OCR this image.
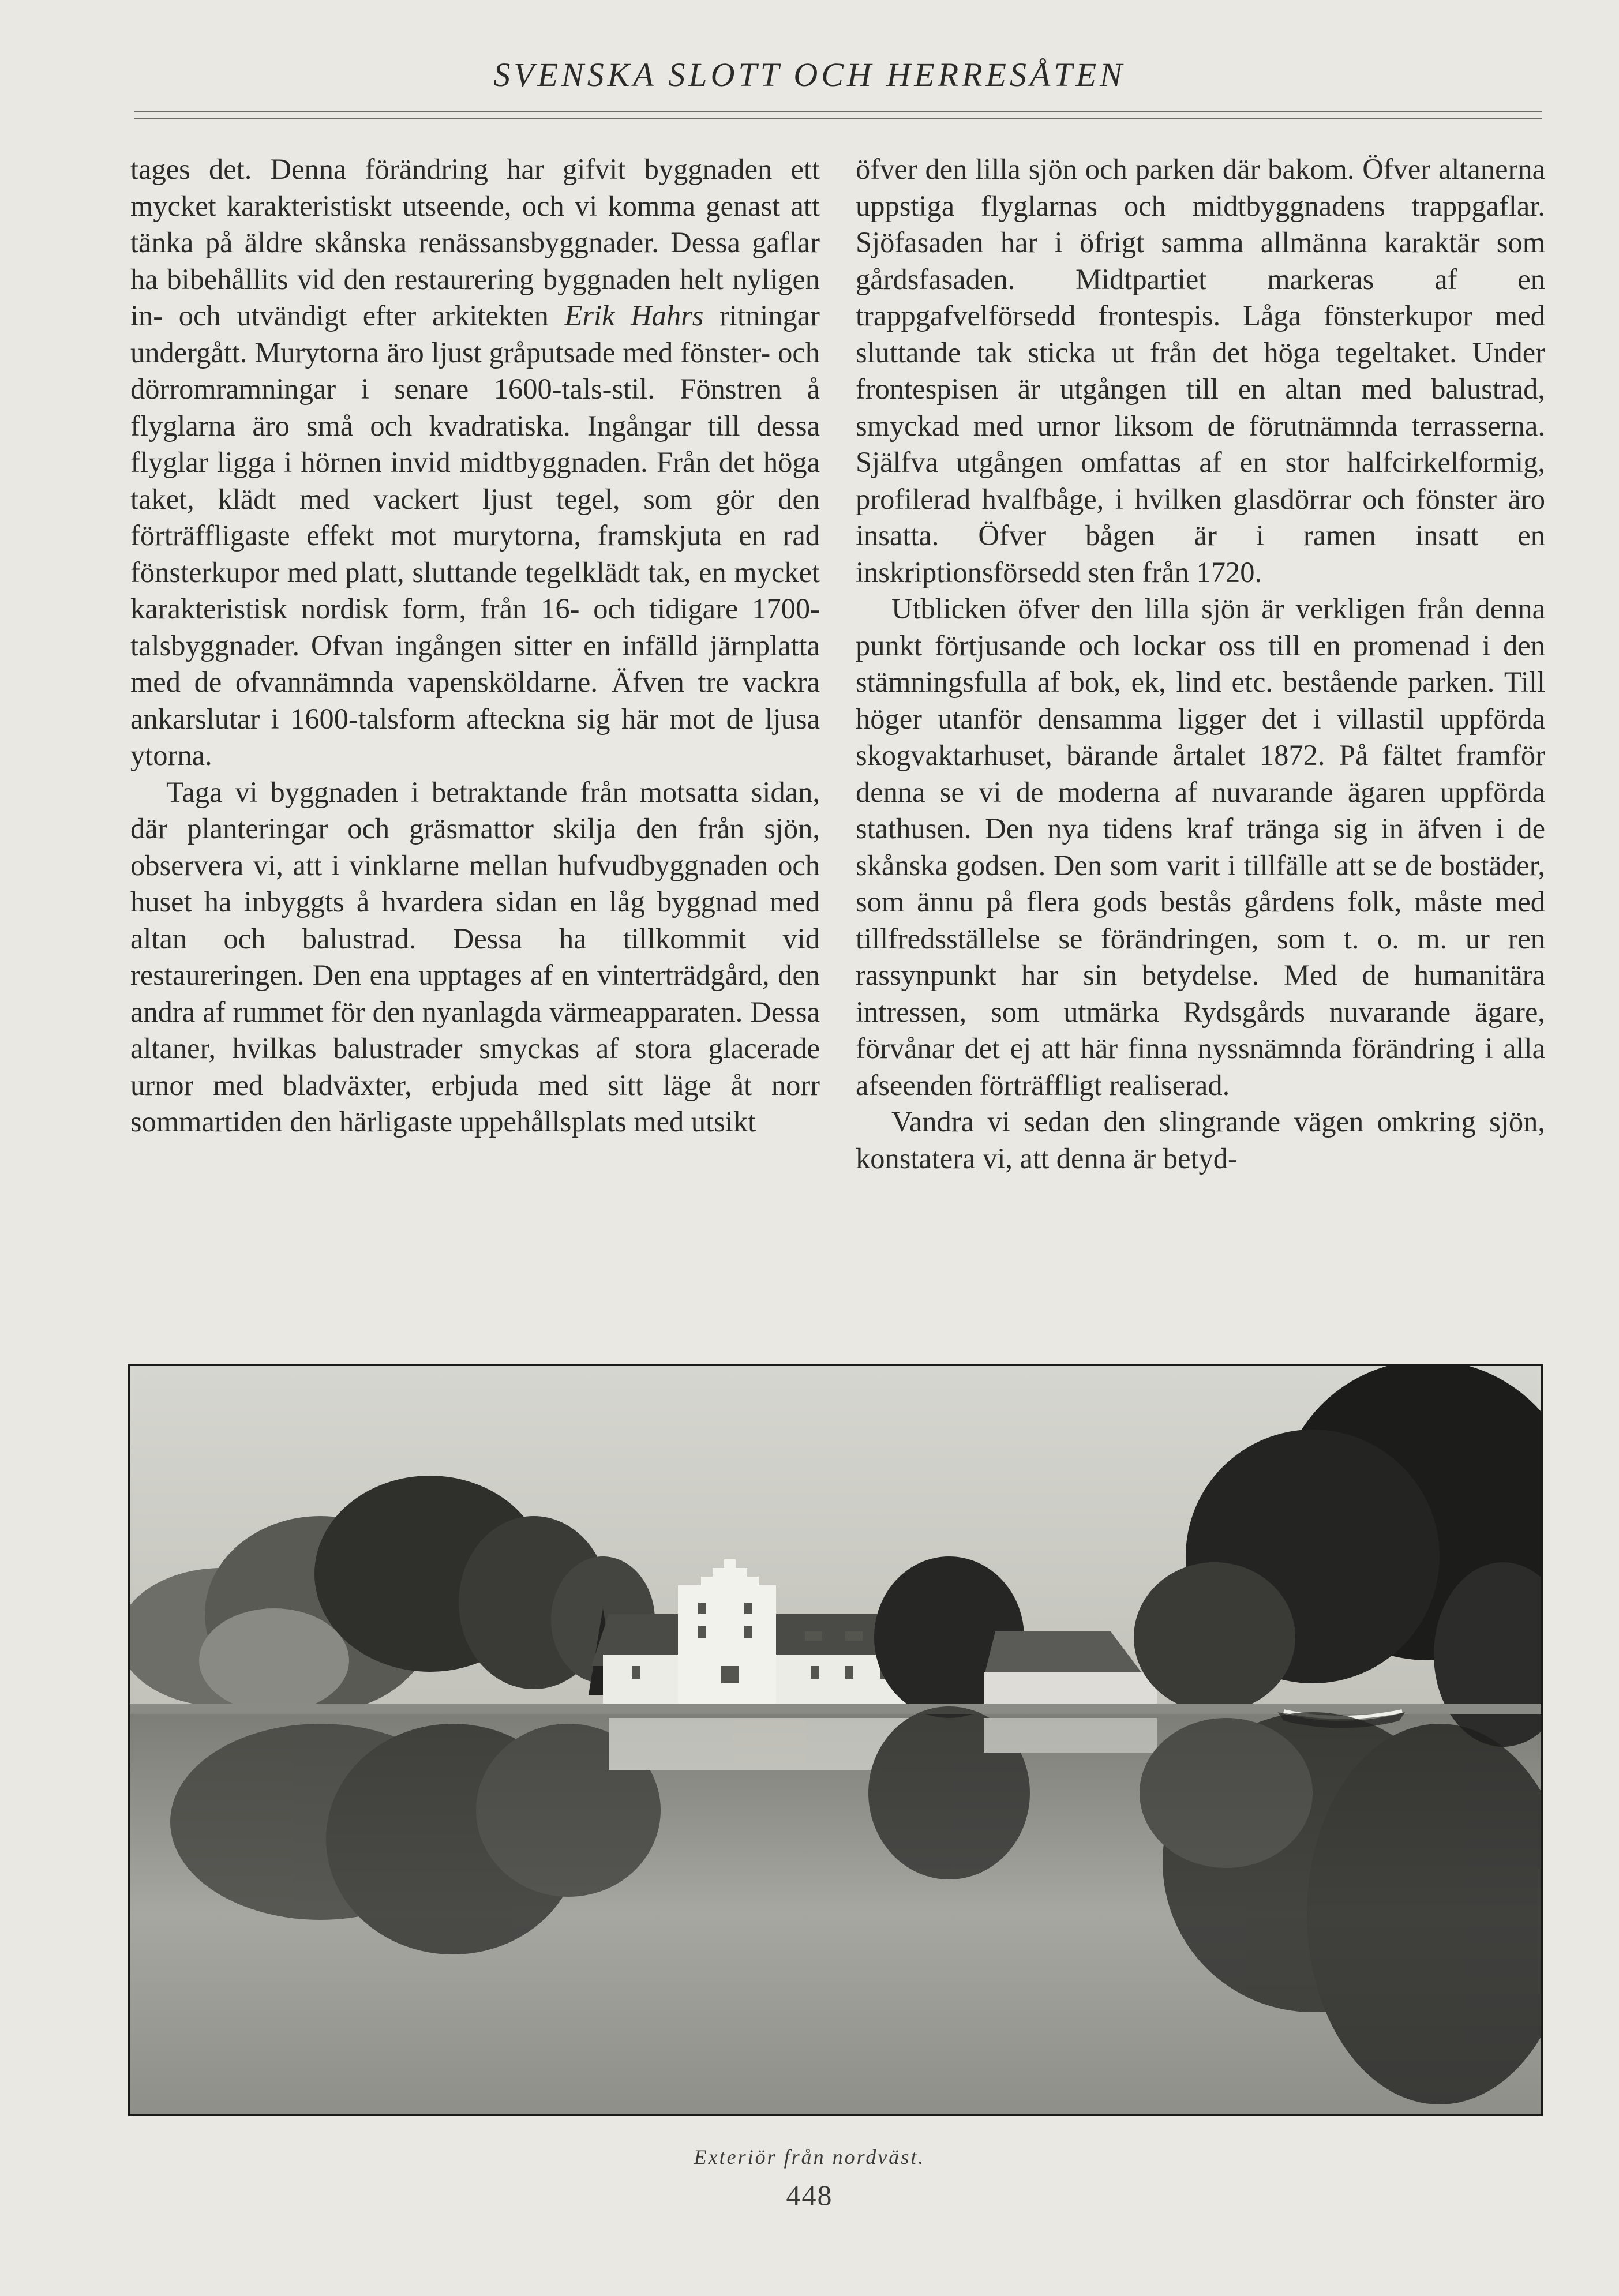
SVENSKA SLOTT OCH HERRESÅTEN

tages det. Denna förändring har gifvit byggnaden ett mycket karakteristiskt utseende, och vi komma genast att tänka på äldre skånska renässansbyggnader. Dessa gaflar ha bibehållits vid den restaurering byggnaden helt nyligen in- och utvändigt efter arkitekten Erik Hahrs ritningar undergått. Murytorna äro ljust gråputsade med fönster- och dörromramningar i senare 1600-tals-stil. Fönstren å flyglarna äro små och kvadratiska. Ingångar till dessa flyglar ligga i hörnen invid midtbyggnaden. Från det höga taket, klädt med vackert ljust tegel, som gör den förträffligaste effekt mot murytorna, framskjuta en rad fönsterkupor med platt, sluttande tegelklädt tak, en mycket karakteristisk nordisk form, från 16- och tidigare 1700-talsbyggnader. Ofvan ingången sitter en infälld järnplatta med de ofvannämnda vapensköldarne. Äfven tre vackra ankarslutar i 1600-talsform afteckna sig här mot de ljusa ytorna.

Taga vi byggnaden i betraktande från motsatta sidan, där planteringar och gräsmattor skilja den från sjön, observera vi, att i vinklarne mellan hufvudbyggnaden och huset ha inbyggts å hvardera sidan en låg byggnad med altan och balustrad. Dessa ha tillkommit vid restaureringen. Den ena upptages af en vinterträdgård, den andra af rummet för den nyanlagda värmeapparaten. Dessa altaner, hvilkas balustrader smyckas af stora glacerade urnor med bladväxter, erbjuda med sitt läge åt norr sommartiden den härligaste uppehållsplats med utsikt

öfver den lilla sjön och parken där bakom. Öfver altanerna uppstiga flyglarnas och midtbyggnadens trappgaflar. Sjöfasaden har i öfrigt samma allmänna karaktär som gårdsfasaden. Midtpartiet markeras af en trappgafvelförsedd frontespis. Låga fönsterkupor med sluttande tak sticka ut från det höga tegeltaket. Under frontespisen är utgången till en altan med balustrad, smyckad med urnor liksom de förutnämnda terrasserna. Själfva utgången omfattas af en stor halfcirkelformig, profilerad hvalfbåge, i hvilken glasdörrar och fönster äro insatta. Öfver bågen är i ramen insatt en inskriptionsförsedd sten från 1720.

Utblicken öfver den lilla sjön är verkligen från denna punkt förtjusande och lockar oss till en promenad i den stämningsfulla af bok, ek, lind etc. bestående parken. Till höger utanför densamma ligger det i villastil uppförda skogvaktarhuset, bärande årtalet 1872. På fältet framför denna se vi de moderna af nuvarande ägaren uppförda stathusen. Den nya tidens kraf tränga sig in äfven i de skånska godsen. Den som varit i tillfälle att se de bostäder, som ännu på flera gods bestås gårdens folk, måste med tillfredsställelse se förändringen, som t. o. m. ur ren rassynpunkt har sin betydelse. Med de humanitära intressen, som utmärka Rydsgårds nuvarande ägare, förvånar det ej att här finna nyssnämnda förändring i alla afseenden förträffligt realiserad.

Vandra vi sedan den slingrande vägen omkring sjön, konstatera vi, att denna är betyd-

Exteriör från nordväst.
448
